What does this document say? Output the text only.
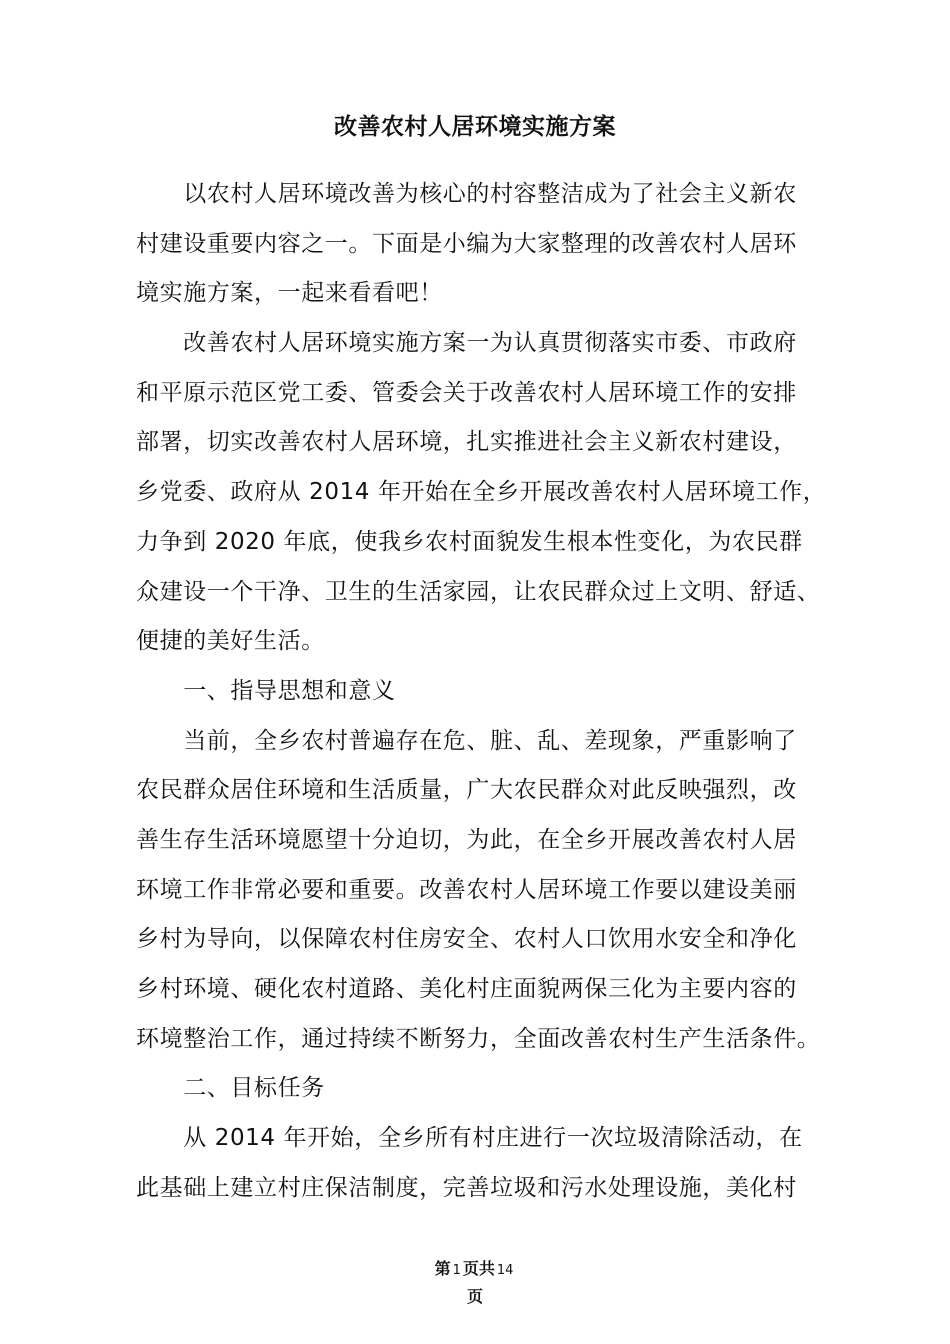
改善农村人居环境实施方案
　　以农村人居环境改善为核心的村容整洁成为了社会主义新农
村建设重要内容之一。下面是小编为大家整理的改善农村人居环
境实施方案，一起来看看吧！
　　改善农村人居环境实施方案一为认真贯彻落实市委、市政府
和平原示范区党工委、管委会关于改善农村人居环境工作的安排
部署，切实改善农村人居环境，扎实推进社会主义新农村建设，
乡党委、政府从 2014 年开始在全乡开展改善农村人居环境工作，
力争到 2020 年底，使我乡农村面貌发生根本性变化，为农民群
众建设一个干净、卫生的生活家园，让农民群众过上文明、舒适、
便捷的美好生活。
　　一、指导思想和意义
　　当前，全乡农村普遍存在危、脏、乱、差现象，严重影响了
农民群众居住环境和生活质量，广大农民群众对此反映强烈，改
善生存生活环境愿望十分迫切，为此，在全乡开展改善农村人居
环境工作非常必要和重要。改善农村人居环境工作要以建设美丽
乡村为导向，以保障农村住房安全、农村人口饮用水安全和净化
乡村环境、硬化农村道路、美化村庄面貌两保三化为主要内容的
环境整治工作，通过持续不断努力，全面改善农村生产生活条件。
　　二、目标任务
　　从 2014 年开始，全乡所有村庄进行一次垃圾清除活动，在
此基础上建立村庄保洁制度，完善垃圾和污水处理设施，美化村
第 1 页共 14
页
